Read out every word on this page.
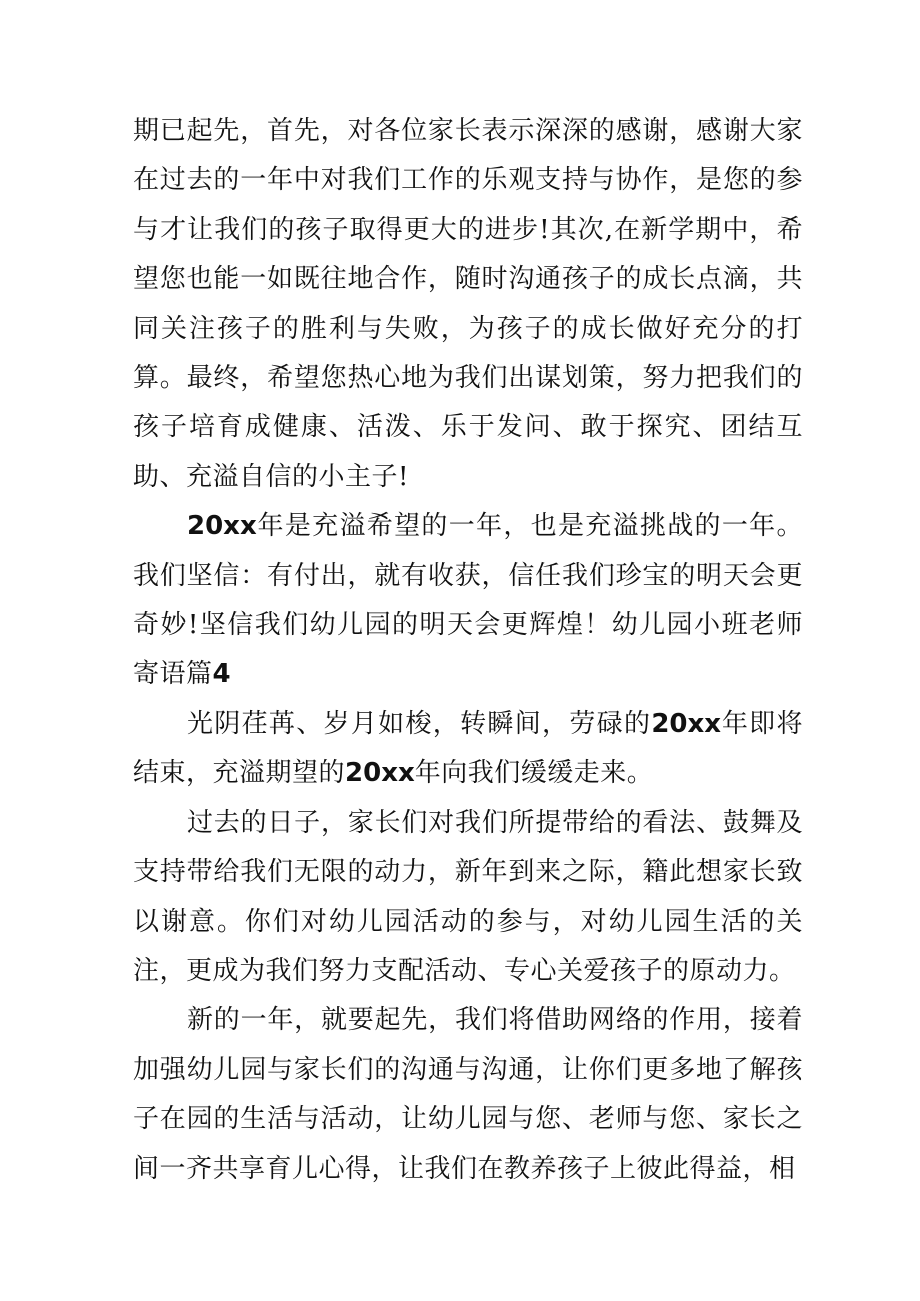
期已起先，首先，对各位家长表示深深的感谢，感谢大家在过去的一年中对我们工作的乐观支持与协作，是您的参与才让我们的孩子取得更大的进步!其次,在新学期中，希望您也能一如既往地合作，随时沟通孩子的成长点滴，共同关注孩子的胜利与失败，为孩子的成长做好充分的打算。最终，希望您热心地为我们出谋划策，努力把我们的孩子培育成健康、活泼、乐于发问、敢于探究、团结互助、充溢自信的小主子!

20xx年是充溢希望的一年，也是充溢挑战的一年。我们坚信：有付出，就有收获，信任我们珍宝的明天会更奇妙!坚信我们幼儿园的明天会更辉煌！幼儿园小班老师寄语篇4

光阴荏苒、岁月如梭，转瞬间，劳碌的20xx年即将结束，充溢期望的20xx年向我们缓缓走来。

过去的日子，家长们对我们所提带给的看法、鼓舞及支持带给我们无限的动力，新年到来之际，籍此想家长致以谢意。你们对幼儿园活动的参与，对幼儿园生活的关注，更成为我们努力支配活动、专心关爱孩子的原动力。

新的一年，就要起先，我们将借助网络的作用，接着加强幼儿园与家长们的沟通与沟通，让你们更多地了解孩子在园的生活与活动，让幼儿园与您、老师与您、家长之间一齐共享育儿心得，让我们在教养孩子上彼此得益，相
